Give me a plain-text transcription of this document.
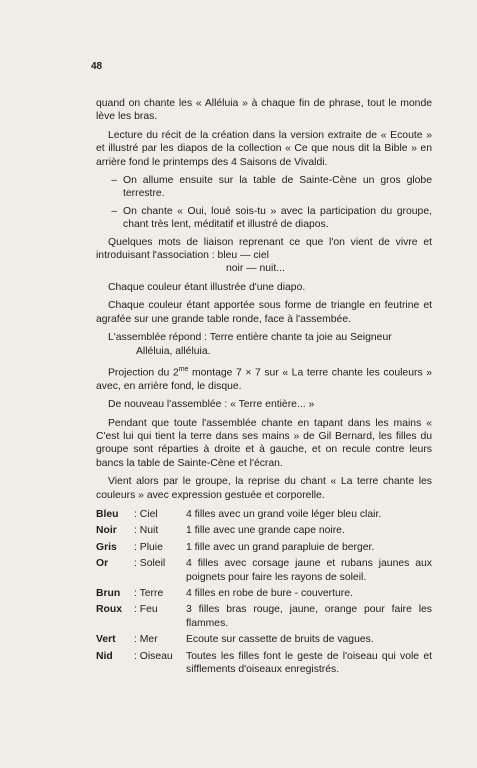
48

quand on chante les « Alléluia » à chaque fin de phrase, tout le monde lève les bras.

Lecture du récit de la création dans la version extraite de « Ecoute » et illustré par les diapos de la collection « Ce que nous dit la Bible » en arrière fond le printemps des 4 Saisons de Vivaldi.

– On allume ensuite sur la table de Sainte-Cène un gros globe terrestre.
– On chante « Oui, loué sois-tu » avec la participation du groupe, chant très lent, méditatif et illustré de diapos.

Quelques mots de liaison reprenant ce que l'on vient de vivre et introduisant l'association : bleu — ciel

noir — nuit...

Chaque couleur étant illustrée d'une diapo.

Chaque couleur étant apportée sous forme de triangle en feutrine et agrafée sur une grande table ronde, face à l'assembée.

L'assemblée répond : Terre entière chante ta joie au Seigneur

Alléluia, alléluia.

Projection du $2^{me}$ montage 7 × 7 sur « La terre chante les couleurs » avec, en arrière fond, le disque.

De nouveau l'assemblée : « Terre entière... »

Pendant que toute l'assemblée chante en tapant dans les mains « C'est lui qui tient la terre dans ses mains » de Gil Bernard, les filles du groupe sont réparties à droite et à gauche, et on recule contre leurs bancs la table de Sainte-Cène et l'écran.

Vient alors par le groupe, la reprise du chant « La terre chante les couleurs » avec expression gestuée et corporelle.

Bleu	: Ciel	4 filles avec un grand voile léger bleu clair.
Noir	: Nuit	1 fille avec une grande cape noire.
Gris	: Pluie	1 fille avec un grand parapluie de berger.
Or	: Soleil	4 filles avec corsage jaune et rubans jaunes aux poignets pour faire les rayons de soleil.
Brun	: Terre	4 filles en robe de bure - couverture.
Roux	: Feu	3 filles bras rouge, jaune, orange pour faire les flammes.
Vert	: Mer	Ecoute sur cassette de bruits de vagues.
Nid	: Oiseau	Toutes les filles font le geste de l'oiseau qui vole et sifflements d'oiseaux enregistrés.
